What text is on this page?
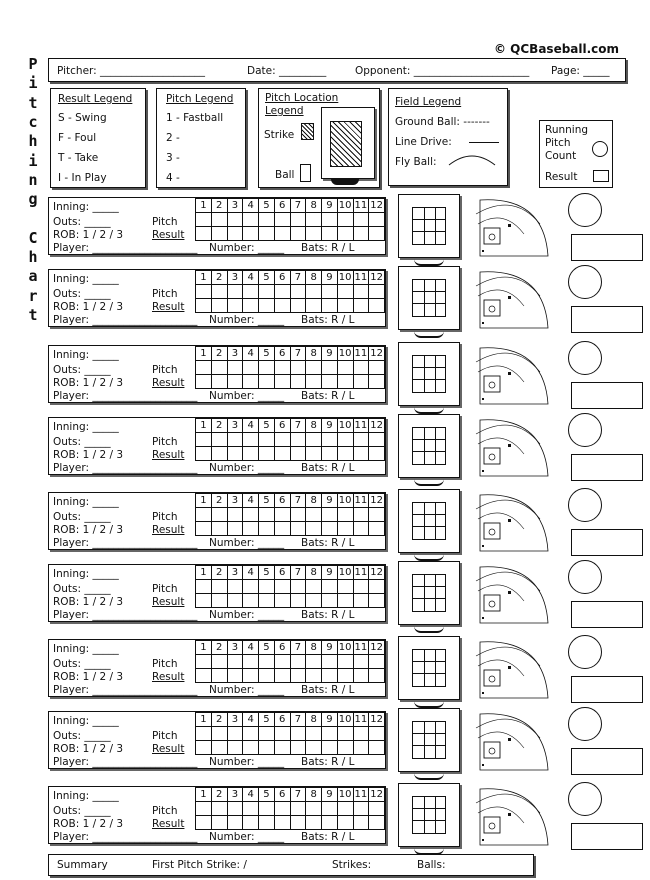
© QCBaseball.com
P
i
t
c
h
i
n
g
C
h
a
r
t
Pitcher: ____________________	Date: _________	Opponent: ______________________ Page: _____
Result Legend
S - Swing
F - Foul
T - Take
I - In Play
Pitch Legend
1 - Fastball
2 -
3 -
4 -
Pitch Location
Legend
Strike
Ball
Field Legend
Ground Ball: -------
Line Drive:
Fly Ball:
Running
Pitch
Count
Result
Inning: _____
Outs: _____
ROB: 1 / 2 / 3
Pitch
Result
Player: ____________________ Number: _____ Bats: R / L
1	2	3	4	5	6	7	8	9	10	11	12

Inning: _____
Outs: _____
ROB: 1 / 2 / 3
Pitch
Result
Player: ____________________ Number: _____ Bats: R / L
1	2	3	4	5	6	7	8	9	10	11	12

Inning: _____
Outs: _____
ROB: 1 / 2 / 3
Pitch
Result
Player: ____________________ Number: _____ Bats: R / L
1	2	3	4	5	6	7	8	9	10	11	12

Inning: _____
Outs: _____
ROB: 1 / 2 / 3
Pitch
Result
Player: ____________________ Number: _____ Bats: R / L
1	2	3	4	5	6	7	8	9	10	11	12

Inning: _____
Outs: _____
ROB: 1 / 2 / 3
Pitch
Result
Player: ____________________ Number: _____ Bats: R / L
1	2	3	4	5	6	7	8	9	10	11	12

Inning: _____
Outs: _____
ROB: 1 / 2 / 3
Pitch
Result
Player: ____________________ Number: _____ Bats: R / L
1	2	3	4	5	6	7	8	9	10	11	12

Inning: _____
Outs: _____
ROB: 1 / 2 / 3
Pitch
Result
Player: ____________________ Number: _____ Bats: R / L
1	2	3	4	5	6	7	8	9	10	11	12

Inning: _____
Outs: _____
ROB: 1 / 2 / 3
Pitch
Result
Player: ____________________ Number: _____ Bats: R / L
1	2	3	4	5	6	7	8	9	10	11	12

Inning: _____
Outs: _____
ROB: 1 / 2 / 3
Pitch
Result
Player: ____________________ Number: _____ Bats: R / L
1	2	3	4	5	6	7	8	9	10	11	12

Summary	First Pitch Strike: /	Strikes:	Balls:
